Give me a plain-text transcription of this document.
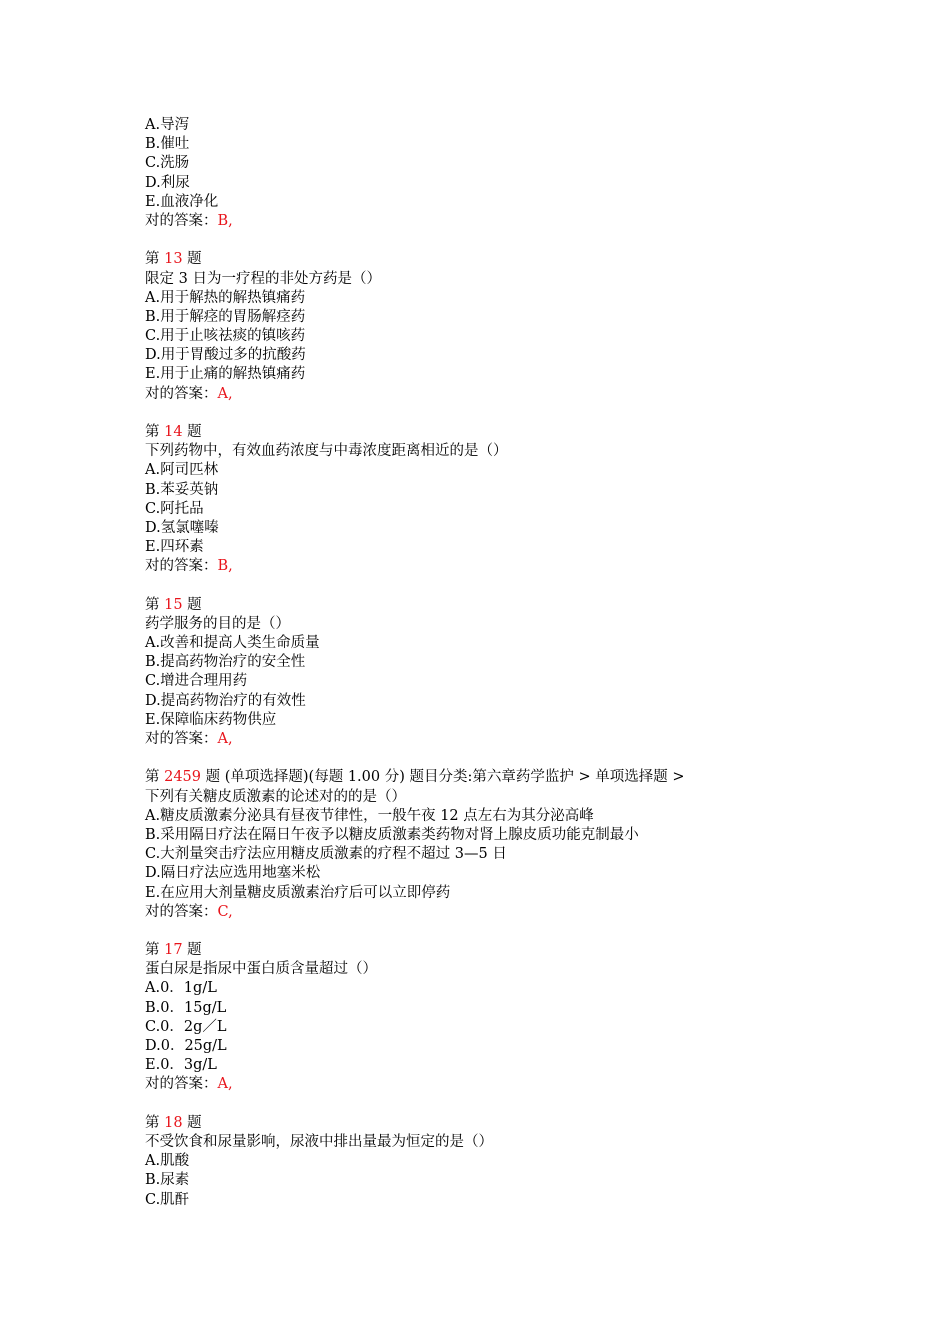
A.导泻
B.催吐
C.洗肠
D.利尿
E.血液净化
对的答案：B,
第 13 题
限定 3 日为一疗程的非处方药是（）
A.用于解热的解热镇痛药
B.用于解痉的胃肠解痉药
C.用于止咳祛痰的镇咳药
D.用于胃酸过多的抗酸药
E.用于止痛的解热镇痛药
对的答案：A,
第 14 题
下列药物中，有效血药浓度与中毒浓度距离相近的是（）
A.阿司匹林
B.苯妥英钠
C.阿托品
D.氢氯噻嗪
E.四环素
对的答案：B,
第 15 题
药学服务的目的是（）
A.改善和提高人类生命质量
B.提高药物治疗的安全性
C.增进合理用药
D.提高药物治疗的有效性
E.保障临床药物供应
对的答案：A,
第 2459 题 (单项选择题)(每题 1.00 分) 题目分类:第六章药学监护 > 单项选择题 >
下列有关糖皮质激素的论述对的的是（）
A.糖皮质激素分泌具有昼夜节律性，一般午夜 12 点左右为其分泌高峰
B.采用隔日疗法在隔日午夜予以糖皮质激素类药物对肾上腺皮质功能克制最小
C.大剂量突击疗法应用糖皮质激素的疗程不超过 3—5 日
D.隔日疗法应选用地塞米松
E.在应用大剂量糖皮质激素治疗后可以立即停药
对的答案：C,
第 17 题
蛋白尿是指尿中蛋白质含量超过（）
A.0．1g/L
B.0．15g/L
C.0．2g／L
D.0．25g/L
E.0．3g/L
对的答案：A,
第 18 题
不受饮食和尿量影响，尿液中排出量最为恒定的是（）
A.肌酸
B.尿素
C.肌酐
